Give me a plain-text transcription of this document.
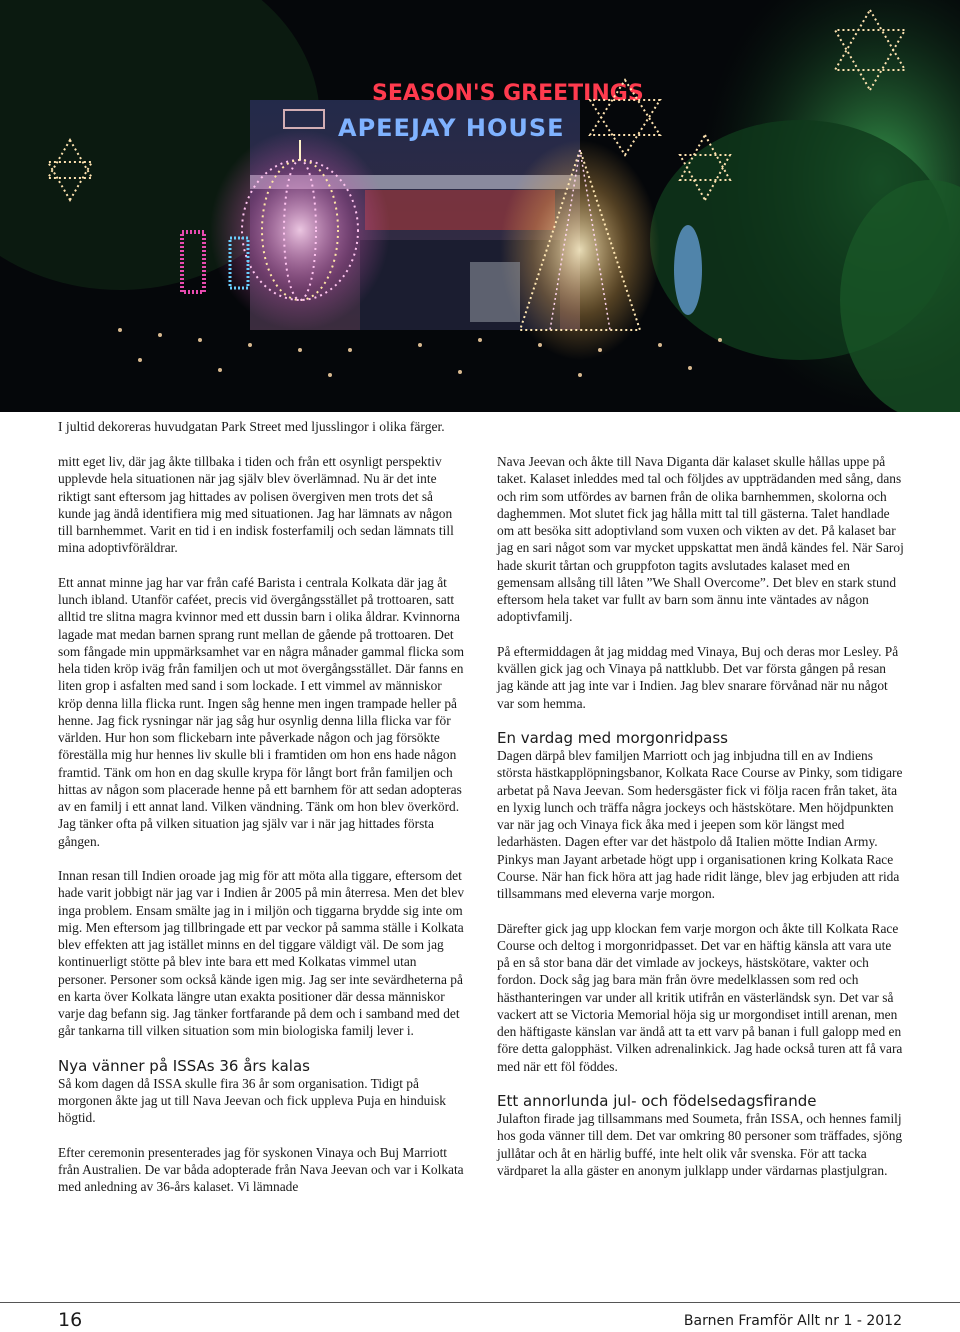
SEASON'S GREETINGS
APEEJAY HOUSE
I jultid dekoreras huvudgatan Park Street med ljusslingor i olika färger.

mitt eget liv, där jag åkte tillbaka i tiden och från ett osynligt perspektiv upplevde hela situationen när jag själv blev överlämnad. Nu är det inte riktigt sant eftersom jag hittades av polisen övergiven men trots det så kunde jag ändå identifiera mig med situationen. Jag har lämnats av någon till barnhemmet. Varit en tid i en indisk fosterfamilj och sedan lämnats till mina adoptivföräldrar.

Ett annat minne jag har var från café Barista i centrala Kolkata där jag åt lunch ibland. Utanför caféet, precis vid övergångsstället på trottoaren, satt alltid tre slitna magra kvinnor med ett dussin barn i olika åldrar. Kvinnorna lagade mat medan barnen sprang runt mellan de gående på trottoaren. Det som fångade min uppmärksamhet var en några månader gammal flicka som hela tiden kröp iväg från familjen och ut mot övergångsstället. Där fanns en liten grop i asfalten med sand i som lockade. I ett vimmel av människor kröp denna lilla flicka runt. Ingen såg henne men ingen trampade heller på henne. Jag fick rysningar när jag såg hur osynlig denna lilla flicka var för världen. Hur hon som flickebarn inte påverkade någon och jag försökte föreställa mig hur hennes liv skulle bli i framtiden om hon ens hade någon framtid. Tänk om hon en dag skulle krypa för långt bort från familjen och hittas av någon som placerade henne på ett barnhem för att sedan adopteras av en familj i ett annat land. Vilken vändning. Tänk om hon blev överkörd. Jag tänker ofta på vilken situation jag själv var i när jag hittades första gången.

Innan resan till Indien oroade jag mig för att möta alla tiggare, eftersom det hade varit jobbigt när jag var i Indien år 2005 på min återresa. Men det blev inga problem. Ensam smälte jag in i miljön och tiggarna brydde sig inte om mig. Men eftersom jag tillbringade ett par veckor på samma ställe i Kolkata blev effekten att jag istället minns en del tiggare väldigt väl. De som jag kontinuerligt stötte på blev inte bara ett med Kolkatas vimmel utan personer. Personer som också kände igen mig. Jag ser inte sevärdheterna på en karta över Kolkata längre utan exakta positioner där dessa människor varje dag befann sig. Jag tänker fortfarande på dem och i samband med det går tankarna till vilken situation som min biologiska familj lever i.

Nya vänner på ISSAs 36 års kalas

Så kom dagen då ISSA skulle fira 36 år som organisation. Tidigt på morgonen åkte jag ut till Nava Jeevan och fick uppleva Puja en hinduisk högtid.

Efter ceremonin presenterades jag för syskonen Vinaya och Buj Marriott från Australien. De var båda adopterade från Nava Jeevan och var i Kolkata med anledning av 36-års kalaset. Vi lämnade

Nava Jeevan och åkte till Nava Diganta där kalaset skulle hållas uppe på taket. Kalaset inleddes med tal och följdes av uppträdanden med sång, dans och rim som utfördes av barnen från de olika barnhemmen, skolorna och daghemmen. Mot slutet fick jag hålla mitt tal till gästerna. Talet handlade om att besöka sitt adoptivland som vuxen och vikten av det. På kalaset bar jag en sari något som var mycket uppskattat men ändå kändes fel. När Saroj hade skurit tårtan och gruppfoton tagits avslutades kalaset med en gemensam allsång till låten ”We Shall Overcome”. Det blev en stark stund eftersom hela taket var fullt av barn som ännu inte väntades av någon adoptivfamilj.

På eftermiddagen åt jag middag med Vinaya, Buj och deras mor Lesley. På kvällen gick jag och Vinaya på nattklubb. Det var första gången på resan jag kände att jag inte var i Indien. Jag blev snarare förvånad när nu något var som hemma.

En vardag med morgonridpass

Dagen därpå blev familjen Marriott och jag inbjudna till en av Indiens största hästkapplöpningsbanor, Kolkata Race Course av Pinky, som tidigare arbetat på Nava Jeevan. Som hedersgäster fick vi följa racen från taket, äta en lyxig lunch och träffa några jockeys och hästskötare. Men höjdpunkten var när jag och Vinaya fick åka med i jeepen som kör längst med ledarhästen. Dagen efter var det hästpolo då Italien mötte Indian Army. Pinkys man Jayant arbetade högt upp i organisationen kring Kolkata Race Course. När han fick höra att jag hade ridit länge, blev jag erbjuden att rida tillsammans med eleverna varje morgon.

Därefter gick jag upp klockan fem varje morgon och åkte till Kolkata Race Course och deltog i morgonridpasset. Det var en häftig känsla att vara ute på en så stor bana där det vimlade av jockeys, hästskötare, vakter och fordon. Dock såg jag bara män från övre medelklassen som red och hästhanteringen var under all kritik utifrån en västerländsk syn. Det var så vackert att se Victoria Memorial höja sig ur morgondiset intill arenan, men den häftigaste känslan var ändå att ta ett varv på banan i full galopp med en före detta galopphäst. Vilken adrenalinkick. Jag hade också turen att få vara med när ett föl föddes.

Ett annorlunda jul- och födelsedagsfirande

Julafton firade jag tillsammans med Soumeta, från ISSA, och hennes familj hos goda vänner till dem. Det var omkring 80 personer som träffades, sjöng jullåtar och åt en härlig buffé, inte helt olik vår svenska. För att tacka värdparet la alla gäster en anonym julklapp under värdarnas plastjulgran.

16	Barnen Framför Allt nr 1 - 2012
